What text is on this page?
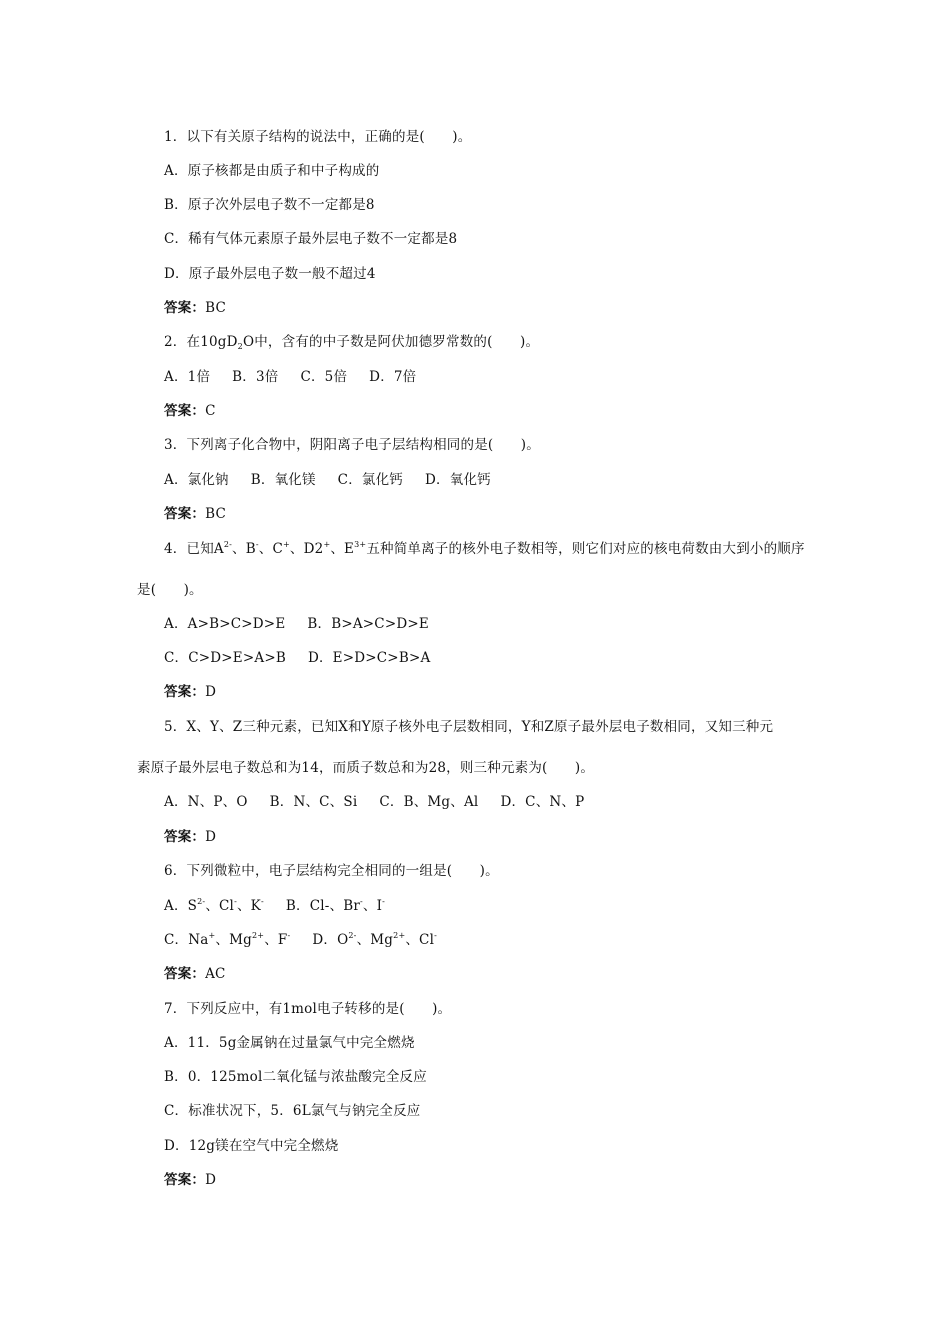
1．以下有关原子结构的说法中，正确的是(　　)。
A．原子核都是由质子和中子构成的
B．原子次外层电子数不一定都是8
C．稀有气体元素原子最外层电子数不一定都是8
D．原子最外层电子数一般不超过4
答案：BC
2．在$10gD_2O$中，含有的中子数是阿伏加德罗常数的(　　)。
A．1倍 B．3倍 C．5倍 D．7倍
答案：C
3．下列离子化合物中，阴阳离子电子层结构相同的是(　　)。
A．氯化钠 B．氧化镁 C．氯化钙 D．氧化钙
答案：BC
4．已知$A^{2-}$、B-、C+、D2+、$E^{3+}$五种简单离子的核外电子数相等，则它们对应的核电荷数由大到小的顺序
是(　　)。
A．A>B>C>D>E B．B>A>C>D>E
C．C>D>E>A>B D．E>D>C>B>A
答案：D
5．X、Y、Z三种元素，已知X和Y原子核外电子层数相同，Y和Z原子最外层电子数相同，又知三种元
素原子最外层电子数总和为14，而质子数总和为28，则三种元素为(　　)。
A．N、P、O B．N、C、Si C．B、Mg、Al D．C、N、P
答案：D
6．下列微粒中，电子层结构完全相同的一组是(　　)。
A．$S^{2-}$、Cl-、K- B．Cl-、Br-、I-
C．Na+、$Mg^{2+}$、F- D．$O^{2-}$、$Mg^{2+}$、Cl-
答案：AC
7．下列反应中，有1mol电子转移的是(　　)。
A．11．5g金属钠在过量氯气中完全燃烧
B．0．125mol二氧化锰与浓盐酸完全反应
C．标准状况下，5．6L氯气与钠完全反应
D．12g镁在空气中完全燃烧
答案：D
